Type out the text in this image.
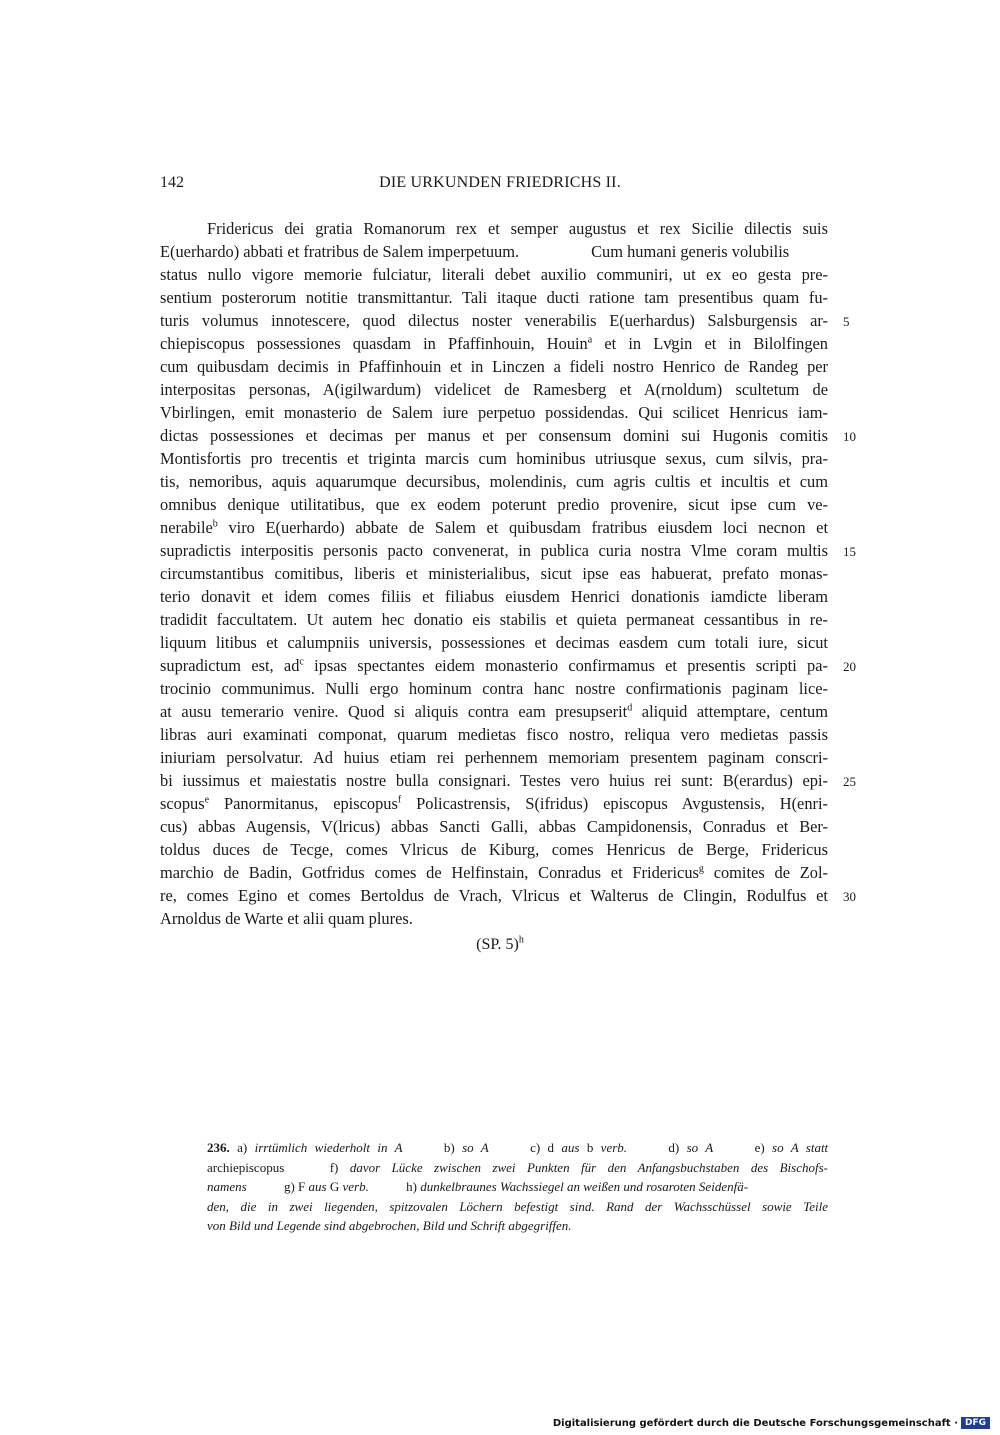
142	DIE URKUNDEN FRIEDRICHS II.
Fridericus dei gratia Romanorum rex et semper augustus et rex Sicilie dilectis suis
E(uerhardo) abbati et fratribus de Salem imperpetuum.	Cum humani generis volubilis
status nullo vigore memorie fulciatur, literali debet auxilio communiri, ut ex eo gesta pre-
sentium posterorum notitie transmittantur. Tali itaque ducti ratione tam presentibus quam fu-
turis volumus innotescere, quod dilectus noster venerabilis E(uerhardus) Salsburgensis ar-
chiepiscopus possessiones quasdam in Pfaffinhouin, Houin$^a$ et in Lvͦgin et in Bilolfingen
cum quibusdam decimis in Pfaffinhouin et in Linczen a fideli nostro Henrico de Randeg per
interpositas personas, A(igilwardum) videlicet de Ramesberg et A(rnoldum) scultetum de
Vbirlingen, emit monasterio de Salem iure perpetuo possidendas. Qui scilicet Henricus iam-
dictas possessiones et decimas per manus et per consensum domini sui Hugonis comitis
Montisfortis pro trecentis et triginta marcis cum hominibus utriusque sexus, cum silvis, pra-
tis, nemoribus, aquis aquarumque decursibus, molendinis, cum agris cultis et incultis et cum
omnibus denique utilitatibus, que ex eodem poterunt predio provenire, sicut ipse cum ve-
nerabile$^b$ viro E(uerhardo) abbate de Salem et quibusdam fratribus eiusdem loci necnon et
supradictis interpositis personis pacto convenerat, in publica curia nostra Vlme coram multis
circumstantibus comitibus, liberis et ministerialibus, sicut ipse eas habuerat, prefato monas-
terio donavit et idem comes filiis et filiabus eiusdem Henrici donationis iamdicte liberam
tradidit faccultatem. Ut autem hec donatio eis stabilis et quieta permaneat cessantibus in re-
liquum litibus et calumpniis universis, possessiones et decimas easdem cum totali iure, sicut
supradictum est, $ad^c$ ipsas spectantes eidem monasterio confirmamus et presentis scripti pa-
trocinio communimus. Nulli ergo hominum contra hanc nostre confirmationis paginam lice-
at ausu temerario venire. Quod si aliquis contra eam presupserit$^d$ aliquid attemptare, centum
libras auri examinati componat, quarum medietas fisco nostro, reliqua vero medietas passis
iniuriam persolvatur. Ad huius etiam rei perhennem memoriam presentem paginam conscri-
bi iussimus et maiestatis nostre bulla consignari. Testes vero huius rei sunt: B(erardus) epi-
scopus$^e$ Panormitanus, episcopus$^f$ Policastrensis, S(ifridus) episcopus Avgustensis, H(enri-
cus) abbas Augensis, V(lricus) abbas Sancti Galli, abbas Campidonensis, Conradus et Ber-
toldus duces de Tecge, comes Vlricus de Kiburg, comes Henricus de Berge, Fridericus
marchio de Badin, Gotfridus comes de Helfinstain, Conradus et Fridericus$^g$ comites de Zol-
re, comes Egino et comes Bertoldus de Vrach, Vlricus et Walterus de Clingin, Rodulfus et
Arnoldus de Warte et alii quam plures.
5
10
15
20
25
30
(SP. 5)$^h$
236. a) irrtümlich wiederholt in A	b) so A	c) d aus b verb.	d) so A	e) so A statt
archiepiscopus	f) davor Lücke zwischen zwei Punkten für den Anfangsbuchstaben des Bischofs-
namens	g) F aus G verb.	h) dunkelbraunes Wachssiegel an weißen und rosaroten Seidenfä-
den, die in zwei liegenden, spitzovalen Löchern befestigt sind. Rand der Wachsschüssel sowie Teile
von Bild und Legende sind abgebrochen, Bild und Schrift abgegriffen.
Digitalisierung gefördert durch die Deutsche Forschungsgemeinschaft · DFG
